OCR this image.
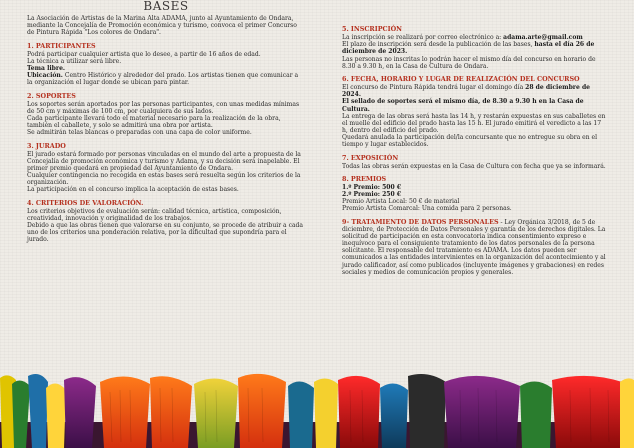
BASES

La Asociación de Artistas de la Marina Alta ADAMA, junto al Ayuntamiento de Ondara, mediante la Concejalía de Promoción económica y turismo, convoca el primer Concurso de Pintura Rápida "Los colores de Ondara".

1. PARTICIPANTES

Podrá participar cualquier artista que lo desee, a partir de 16 años de edad.

La técnica a utilizar será libre.

Tema libre.

Ubicación. Centro Histórico y alrededor del prado. Los artistas tienen que comunicar a la organización el lugar donde se ubican para pintar.

2. SOPORTES

Los soportes serán aportados por las personas participantes, con unas medidas mínimas de 50 cm y máximas de 100 cm, por cualquiera de sus lados.

Cada participante llevará todo el material necesario para la realización de la obra, también el caballete, y solo se admitirá una obra por artista.

Se admitirán telas blancas o preparadas con una capa de color uniforme.

3. JURADO

El jurado estará formado por personas vinculadas en el mundo del arte a propuesta de la Concejalía de promoción económica y turismo y Adama, y su decisión será inapelable. El primer premio quedará en propiedad del Ayuntamiento de Ondara.

Cualquier contingencia no recogida en estas bases será resuelta según los criterios de la organización.

La participación en el concurso implica la aceptación de estas bases.

4. CRITERIOS DE VALORACIÓN.

Los criterios objetivos de evaluación serán: calidad técnica, artística, composición, creatividad, innovación y originalidad de los trabajos.

Debido a que las obras tienen que valorarse en su conjunto, se procede de atribuir a cada uno de los criterios una ponderación relativa, por la dificultad que supondría para el jurado.

5. INSCRIPCIÓN

La inscripción se realizará por correo electrónico a: adama.arte@gmail.com

El plazo de inscripción será desde la publicación de las bases, hasta el día 26 de diciembre de 2023.

Las personas no inscritas lo podrán hacer el mismo día del concurso en horario de 8.30 a 9.30 h, en la Casa de Cultura de Ondara.

6. FECHA, HORARIO Y LUGAR DE REALIZACIÓN DEL CONCURSO

El concurso de Pintura Rápida tendrá lugar el domingo día 28 de diciembre de 2024.

El sellado de soportes será el mismo día, de 8.30 a 9.30 h en la Casa de Cultura.

La entrega de las obras será hasta las 14 h, y restarán expuestas en sus caballetes en el muelle del edificio del prado hasta las 15 h. El jurado emitirá el veredicto a las 17 h, dentro del edificio del prado.

Quedará anulada la participación del/la concursante que no entregue su obra en el tiempo y lugar establecidos.

7. EXPOSICIÓN

Todas las obras serán expuestas en la Casa de Cultura con fecha que ya se informará.

8. PREMIOS

1.º Premio: 500 €

2.º Premio: 250 €

Premio Artista Local: 50 € de material

Premio Artista Comarcal: Una comida para 2 personas.

9- TRATAMIENTO DE DATOS PERSONALES - Ley Orgánica 3/2018, de 5 de diciembre, de Protección de Datos Personales y garantía de los derechos digitales. La solicitud de participación en esta convocatoria indica consentimiento expreso e inequívoco para el consiguiente tratamiento de los datos personales de la persona solicitante. El responsable del tratamiento es ADAMA. Los datos pueden ser comunicados a las entidades intervinientes en la organización del acontecimiento y al jurado calificador, así como publicados (incluyente imágenes y grabaciones) en redes sociales y medios de comunicación propios y generales.
